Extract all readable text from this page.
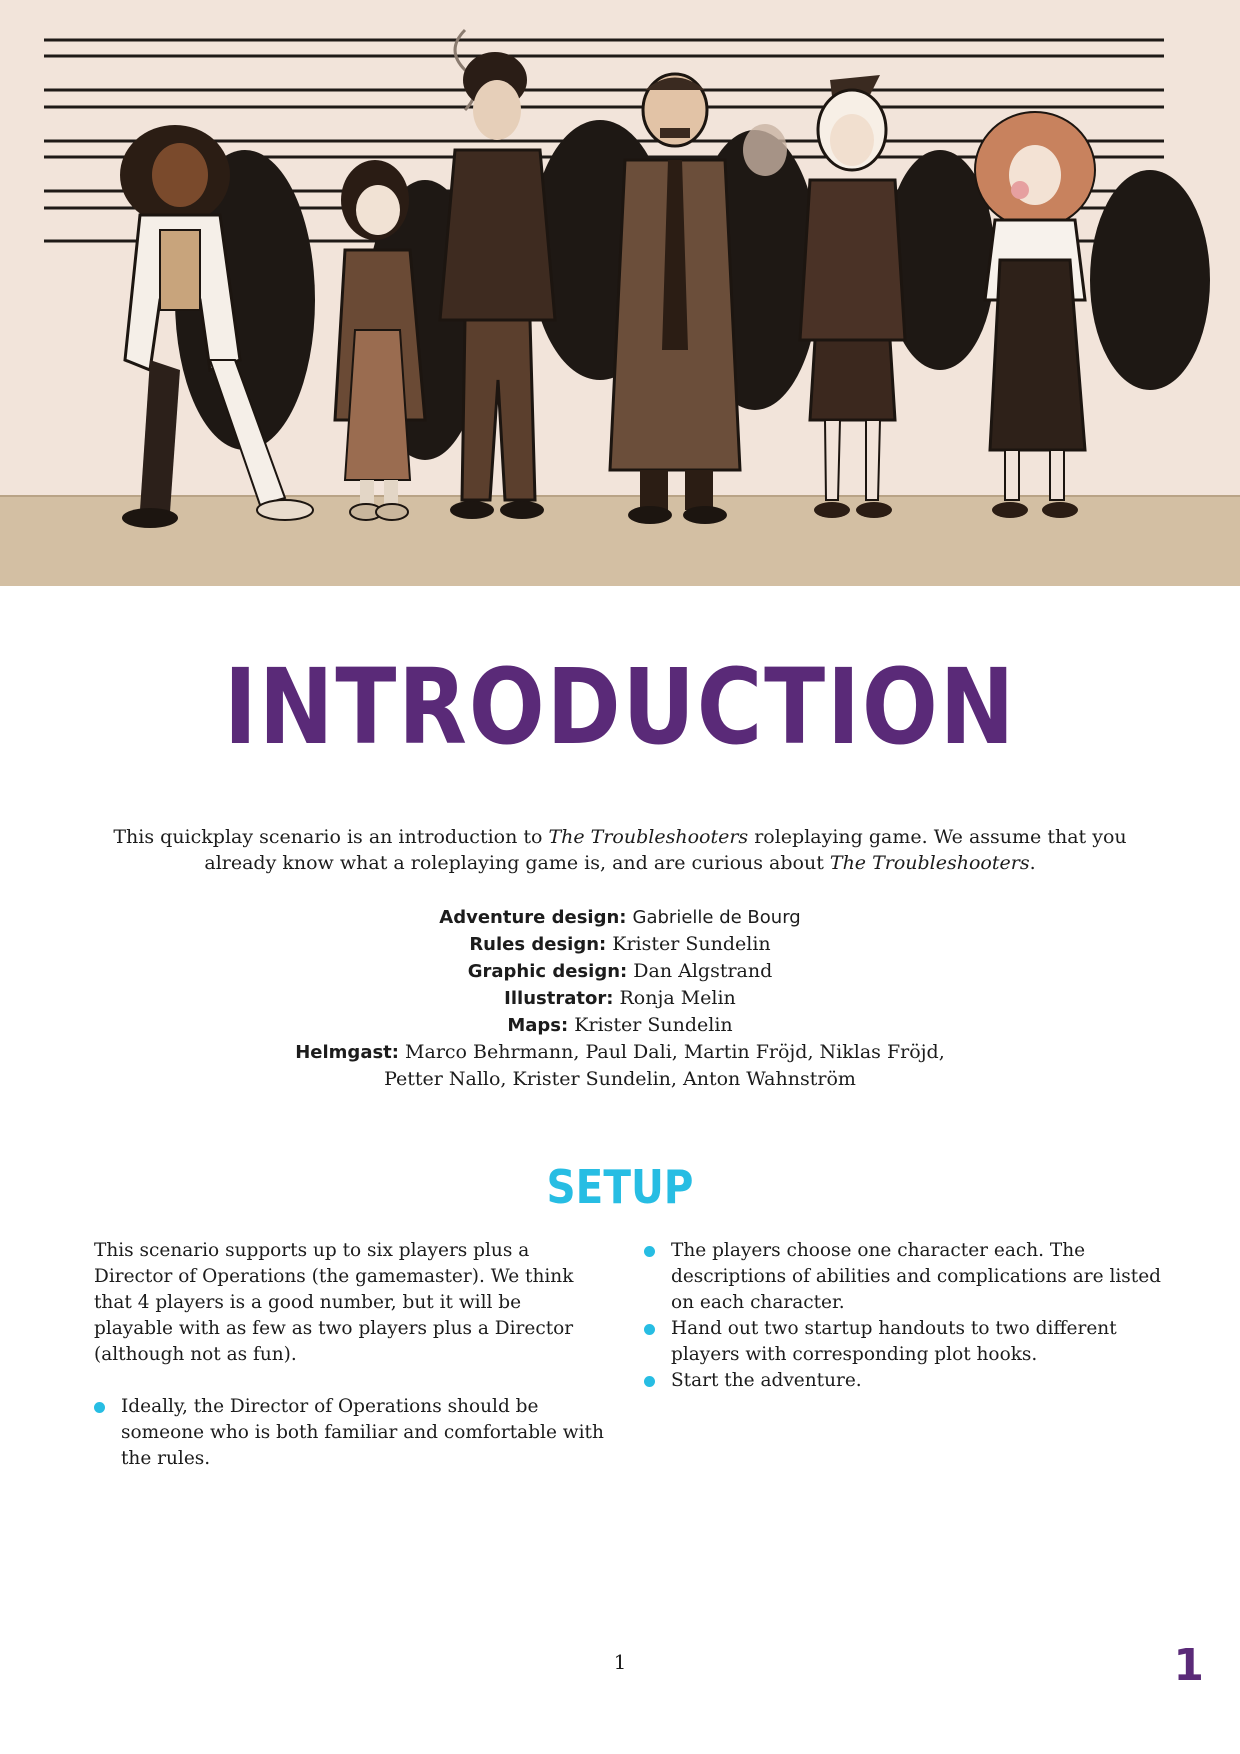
INTRODUCTION

This quickplay scenario is an introduction to The Troubleshooters roleplaying game. We assume that you already know what a roleplaying game is, and are curious about The Troubleshooters.

Adventure design: Gabrielle de Bourg
Rules design: Krister Sundelin
Graphic design: Dan Algstrand
Illustrator: Ronja Melin
Maps: Krister Sundelin
Helmgast: Marco Behrmann, Paul Dali, Martin Fröjd, Niklas Fröjd,
Petter Nallo, Krister Sundelin, Anton Wahnström
SETUP

This scenario supports up to six players plus a Director of Operations (the gamemaster). We think that 4 players is a good number, but it will be playable with as few as two players plus a Director (although not as fun).

Ideally, the Director of Operations should be someone who is both familiar and comfortable with the rules.
The players choose one character each. The descriptions of abilities and complications are listed on each character.
Hand out two startup handouts to two different players with corresponding plot hooks.
Start the adventure.
1	1
